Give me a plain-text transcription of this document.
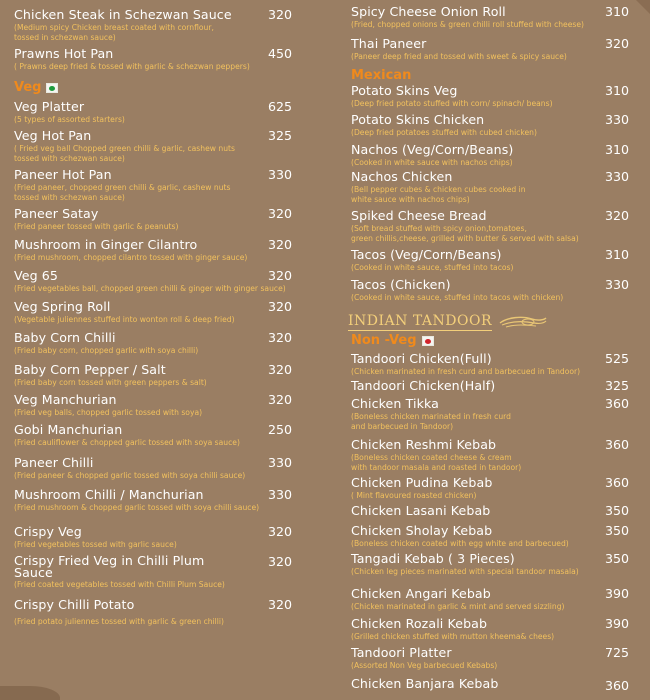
Chicken Steak in Schezwan Sauce	320
(Medium spicy Chicken breast coated with cornflour,
tossed in schezwan sauce)
Prawns Hot Pan	450
( Prawns deep fried & tossed with garlic & schezwan peppers)
Veg
Veg Platter	625
(5 types of assorted starters)
Veg Hot Pan	325
( Fried veg ball Chopped green chilli & garlic, cashew nuts
tossed with schezwan sauce)
Paneer Hot Pan	330
(Fried paneer, chopped green chilli & garlic, cashew nuts
tossed with schezwan sauce)
Paneer Satay	320
(Fried paneer tossed with garlic & peanuts)
Mushroom in Ginger Cilantro	320
(Fried mushroom, chopped cilantro tossed with ginger sauce)
Veg 65	320
(Fried vegetables ball, chopped green chilli & ginger with ginger sauce)
Veg Spring Roll	320
(Vegetable juliennes stuffed into wonton roll & deep fried)
Baby Corn Chilli	320
(Fried baby corn, chopped garlic with soya chilli)
Baby Corn Pepper / Salt	320
(Fried baby corn tossed with green peppers & salt)
Veg Manchurian	320
(Fried veg balls, chopped garlic tossed with soya)
Gobi Manchurian	250
(Fried cauliflower & chopped garlic tossed with soya sauce)
Paneer Chilli	330
(Fried paneer & chopped garlic tossed with soya chilli sauce)
Mushroom Chilli / Manchurian	330
(Fried mushroom & chopped garlic tossed with soya chilli sauce)
Crispy Veg	320
(Fried vegetables tossed with garlic sauce)
Crispy Fried Veg in Chilli Plum Sauce
320
(Fried coated vegetables tossed with Chilli Plum Sauce)
Crispy Chilli Potato	320
(Fried potato juliennes tossed with garlic & green chilli)
Spicy Cheese Onion Roll	310
(Fried, chopped onions & green chilli roll stuffed with cheese)
Thai Paneer	320
(Paneer deep fried and tossed with sweet & spicy sauce)
Mexican
Potato Skins Veg	310
(Deep fried potato stuffed with corn/ spinach/ beans)
Potato Skins Chicken	330
(Deep fried potatoes stuffed with cubed chicken)
Nachos (Veg/Corn/Beans)	310
(Cooked in white sauce with nachos chips)
Nachos Chicken	330
(Bell pepper cubes & chicken cubes cooked in
white sauce with nachos chips)
Spiked Cheese Bread	320
(Soft bread stuffed with spicy onion,tomatoes,
green chillis,cheese, grilled with butter & served with salsa)
Tacos (Veg/Corn/Beans)	310
(Cooked in white sauce, stuffed into tacos)
Tacos (Chicken)	330
(Cooked in white sauce, stuffed into tacos with chicken)
INDIAN TANDOOR
Non -Veg
Tandoori Chicken(Full)	525
(Chicken marinated in fresh curd and barbecued in Tandoor)
Tandoori Chicken(Half)	325
Chicken Tikka	360
(Boneless chicken marinated in fresh curd
and barbecued in Tandoor)
Chicken Reshmi Kebab	360
(Boneless chicken coated cheese & cream
with tandoor masala and roasted in tandoor)
Chicken Pudina Kebab	360
( Mint flavoured roasted chicken)
Chicken Lasani Kebab	350
Chicken Sholay Kebab	350
(Boneless chicken coated with egg white and barbecued)
Tangadi Kebab ( 3 Pieces)	350
(Chicken leg pieces marinated with special tandoor masala)
Chicken Angari Kebab	390
(Chicken marinated in garlic & mint and served sizzling)
Chicken Rozali Kebab	390
(Grilled chicken stuffed with mutton kheema& chees)
Tandoori Platter	725
(Assorted Non Veg barbecued Kebabs)
Chicken Banjara Kebab	360
